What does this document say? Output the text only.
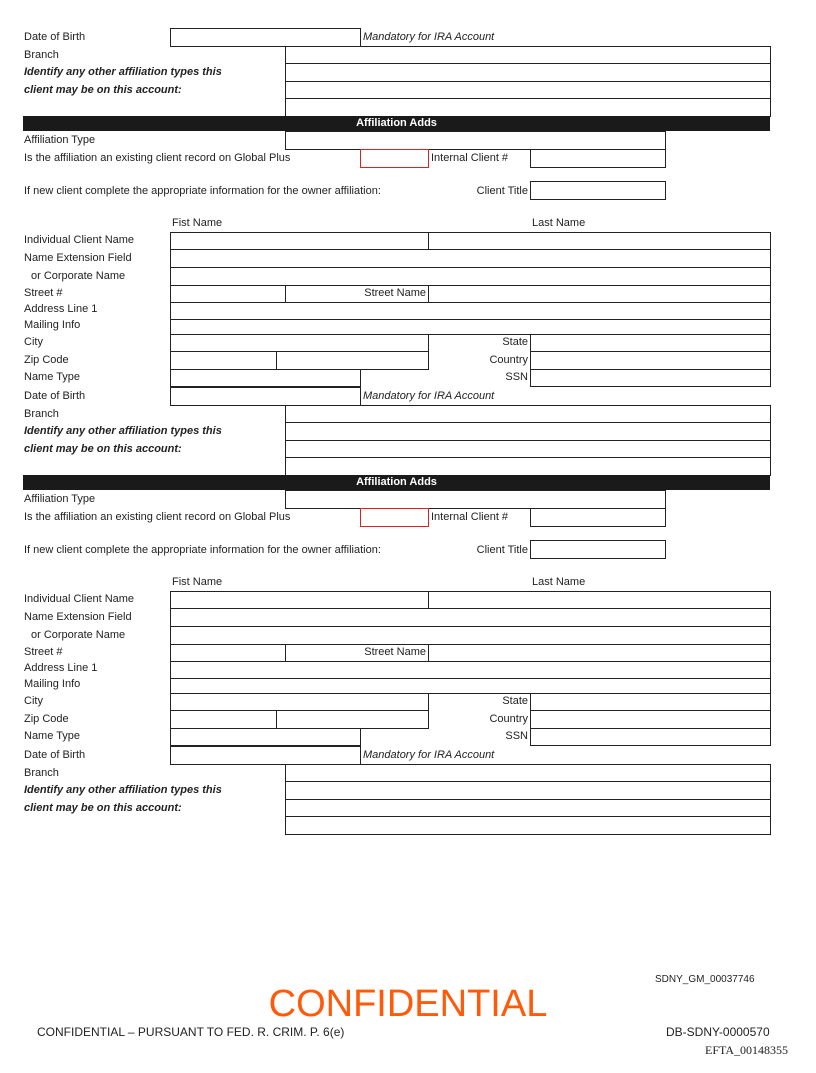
CONFIDENTIAL
CONFIDENTIAL – PURSUANT TO FED. R. CRIM. P. 6(e)
SDNY_GM_00037746
DB-SDNY-0000570
EFTA_00148355
Date of Birth	Mandatory for IRA Account
Branch
Identify any other affiliation types this
client may be on this account:
Affiliation Adds
Affiliation Type
Is the affiliation an existing client record on Global Plus	Internal Client #
If new client complete the appropriate information for the owner affiliation:	Client Title
Fist Name	Last Name
Individual Client Name
Name Extension Field
or Corporate Name
Street #	Street Name
Address Line 1
Mailing Info
City	State
Zip Code	Country
Name Type	SSN
Date of Birth	Mandatory for IRA Account
Branch
Identify any other affiliation types this
client may be on this account:
Affiliation Adds
Affiliation Type
Is the affiliation an existing client record on Global Plus	Internal Client #
If new client complete the appropriate information for the owner affiliation:	Client Title
Fist Name	Last Name
Individual Client Name
Name Extension Field
or Corporate Name
Street #	Street Name
Address Line 1
Mailing Info
City	State
Zip Code	Country
Name Type	SSN
Date of Birth	Mandatory for IRA Account
Branch
Identify any other affiliation types this
client may be on this account:
